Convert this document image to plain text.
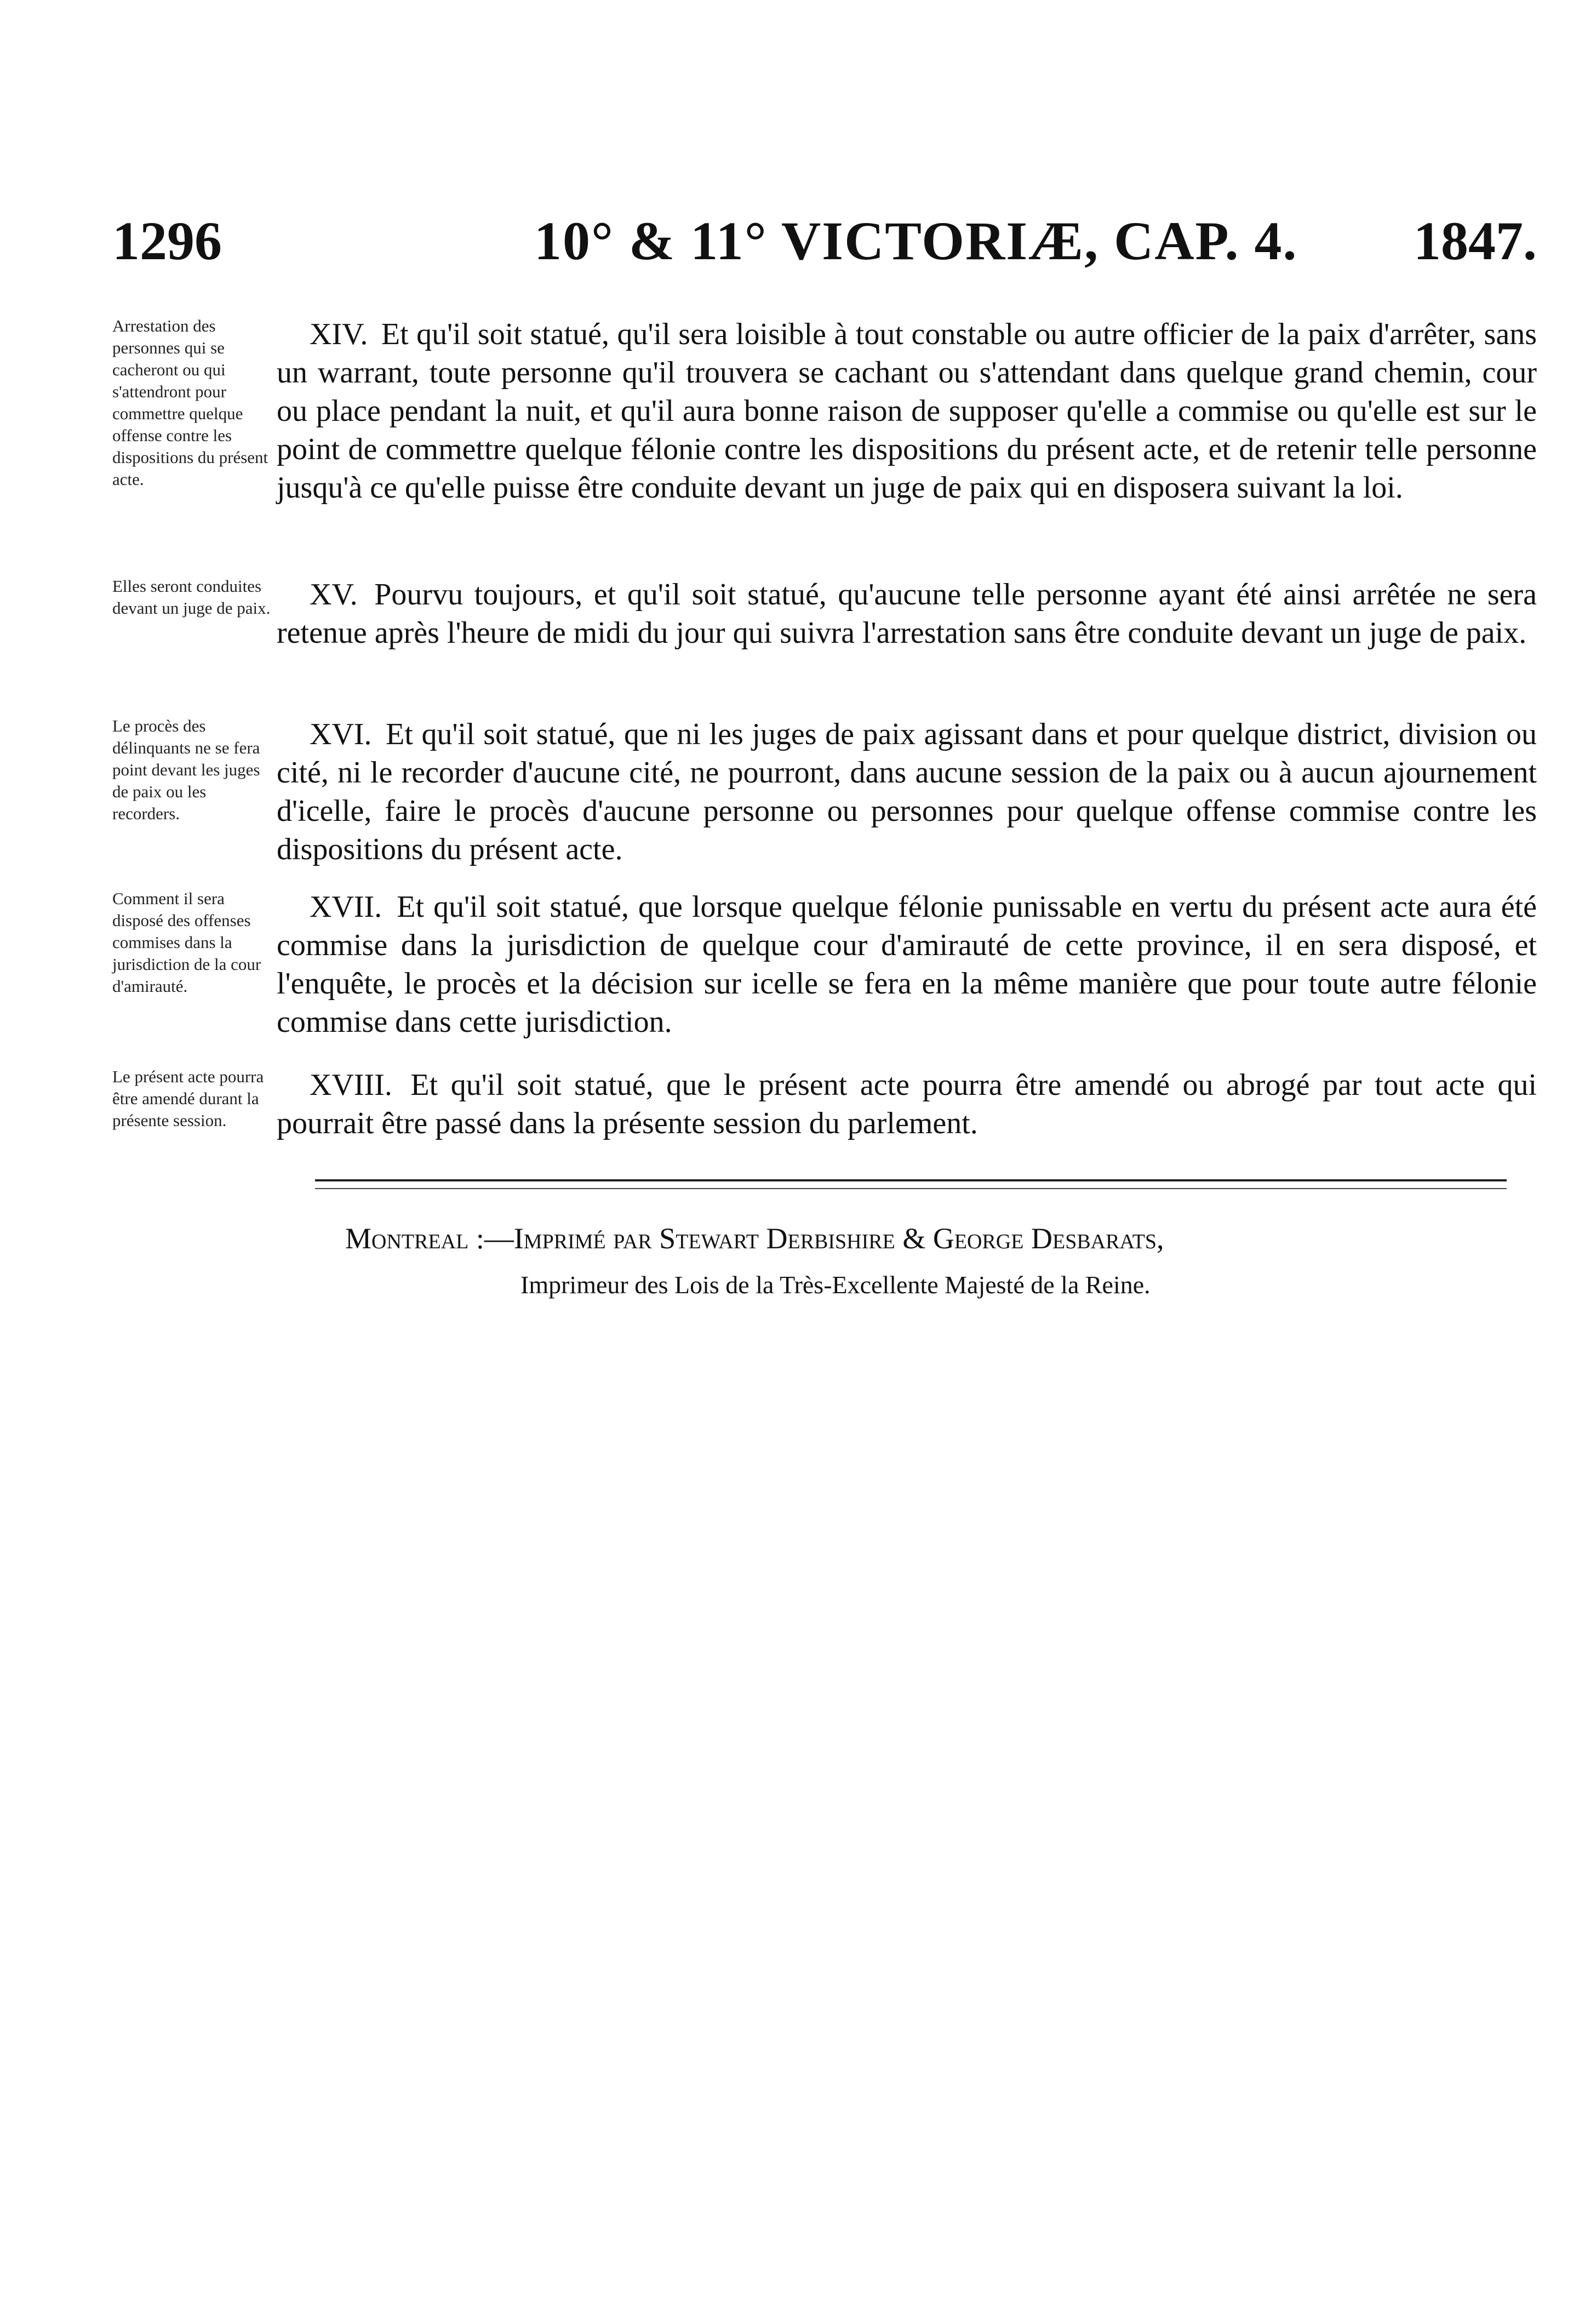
1296	10° & 11° VICTORIÆ, CAP. 4. 1847.
Arrestation des personnes qui se cacheront ou qui s'attendront pour commettre quelque offense contre les dispositions du présent acte.
XIV. Et qu'il soit statué, qu'il sera loisible à tout constable ou autre officier de la paix d'arrêter, sans un warrant, toute personne qu'il trouvera se cachant ou s'attendant dans quelque grand chemin, cour ou place pendant la nuit, et qu'il aura bonne raison de supposer qu'elle a commise ou qu'elle est sur le point de commettre quelque félonie contre les dispositions du présent acte, et de retenir telle personne jusqu'à ce qu'elle puisse être conduite devant un juge de paix qui en disposera suivant la loi.
Elles seront conduites devant un juge de paix.	XV. Pourvu toujours, et qu'il soit statué, qu'aucune telle personne ayant été ainsi arrêtée ne sera retenue après l'heure de midi du jour qui suivra l'arrestation sans être conduite devant un juge de paix.
Le procès des délinquants ne se fera point devant les juges de paix ou les recorders.
XVI. Et qu'il soit statué, que ni les juges de paix agissant dans et pour quelque district, division ou cité, ni le recorder d'aucune cité, ne pourront, dans aucune session de la paix ou à aucun ajournement d'icelle, faire le procès d'aucune personne ou personnes pour quelque offense commise contre les dispositions du présent acte.
Comment il sera disposé des offenses commises dans la jurisdiction de la cour d'amirauté.
XVII. Et qu'il soit statué, que lorsque quelque félonie punissable en vertu du présent acte aura été commise dans la jurisdiction de quelque cour d'amirauté de cette province, il en sera disposé, et l'enquête, le procès et la décision sur icelle se fera en la même manière que pour toute autre félonie commise dans cette jurisdiction.
Le présent acte pourra être amendé durant la présente session.
XVIII. Et qu'il soit statué, que le présent acte pourra être amendé ou abrogé par tout acte qui pourrait être passé dans la présente session du parlement.
Montreal :—Imprimé par Stewart Derbishire & George Desbarats,
Imprimeur des Lois de la Très-Excellente Majesté de la Reine.
